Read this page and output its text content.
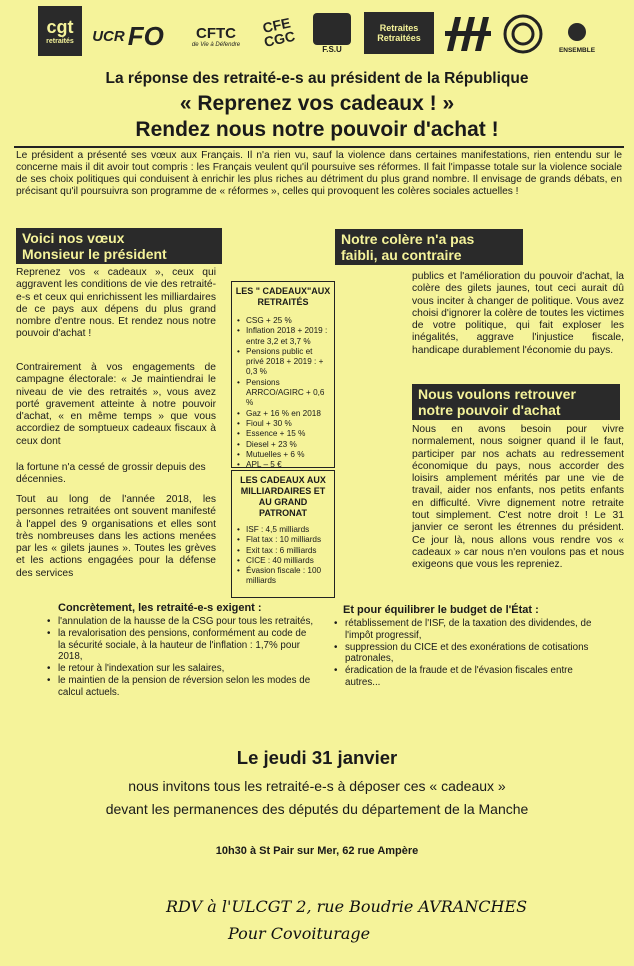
cgt
retraités UCR FO CFTC
de Vie à Défendre
CFE CGC	F.S.U
Retraites Retraitées
ENSEMBLE
La réponse des retraité-e-s au président de la République
« Reprenez vos cadeaux ! »
Rendez nous notre pouvoir d'achat !
Le président a présenté ses vœux aux Français. Il n'a rien vu, sauf la violence dans certaines manifestations, rien entendu sur le concerne mais il dit avoir tout compris : les Français veulent qu'il poursuive ses réformes. Il fait l'impasse totale sur la violence sociale de ses choix politiques qui conduisent à enrichir les plus riches au détriment du plus grand nombre. Il envisage de grands débats, en précisant qu'il poursuivra son programme de « réformes », celles qui provoquent les colères sociales actuelles !
Voici nos vœux
Monsieur le président
Reprenez vos « cadeaux », ceux qui aggravent les conditions de vie des retraité-e-s et ceux qui enrichissent les milliardaires de ce pays aux dépens du plus grand nombre d'entre nous. Et rendez nous notre pouvoir d'achat !
Contrairement à vos engagements de campagne électorale: « Je maintiendrai le niveau de vie des retraités », vous avez porté gravement atteinte à notre pouvoir d'achat, « en même temps » que vous accordiez de somptueux cadeaux fiscaux à ceux dont
la fortune n'a cessé de grossir depuis des décennies.
Tout au long de l'année 2018, les personnes retraitées ont souvent manifesté à l'appel des 9 organisations et elles sont très nombreuses dans les actions menées par les « gilets jaunes ». Toutes les grèves et les actions engagées pour la défense des services
LES " CADEAUX"AUX RETRAITÉS
• CSG + 25 %
• Inflation 2018 + 2019 : entre 3,2 et 3,7 %
• Pensions public et privé 2018 + 2019 : + 0,3 %
• Pensions ARRCO/AGIRC + 0,6 %
• Gaz + 16 % en 2018
• Fioul + 30 %
• Essence + 15 %
• Diesel + 23 %
• Mutuelles + 6 %
• APL – 5 €
LES CADEAUX AUX MILLIARDAIRES ET AU GRAND PATRONAT
• ISF : 4,5 milliards
• Flat tax : 10 milliards
• Exit tax : 6 milliards
• CICE : 40 milliards
• Évasion fiscale : 100 milliards
Notre colère n'a pas
faibli, au contraire
publics et l'amélioration du pouvoir d'achat, la colère des gilets jaunes, tout ceci aurait dû vous inciter à changer de politique. Vous avez choisi d'ignorer la colère de toutes les victimes de votre politique, qui fait exploser les inégalités, aggrave l'injustice fiscale, handicape durablement l'économie du pays.
Nous voulons retrouver
notre pouvoir d'achat
Nous en avons besoin pour vivre normalement, nous soigner quand il le faut, participer par nos achats au redressement économique du pays, nous accorder des loisirs amplement mérités par une vie de travail, aider nos enfants, nos petits enfants en difficulté. Vivre dignement notre retraite tout simplement. C'est notre droit ! Le 31 janvier ce seront les étrennes du président. Ce jour là, nous allons vous rendre vos « cadeaux » car nous n'en voulons pas et nous exigeons que vous les repreniez.
Concrètement, les retraité-e-s exigent :
• l'annulation de la hausse de la CSG pour tous les retraités,
• la revalorisation des pensions, conformément au code de la sécurité sociale, à la hauteur de l'inflation : 1,7% pour 2018,
• le retour à l'indexation sur les salaires,
• le maintien de la pension de réversion selon les modes de calcul actuels.
Et pour équilibrer le budget de l'État :
• rétablissement de l'ISF, de la taxation des dividendes, de l'impôt progressif,
• suppression du CICE et des exonérations de cotisations patronales,
• éradication de la fraude et de l'évasion fiscales entre autres...
Le jeudi 31 janvier
nous invitons tous les retraité-e-s à déposer ces « cadeaux »
devant les permanences des députés du département de la Manche
10h30 à St Pair sur Mer, 62 rue Ampère
RDV à l'ULCGT 2, rue Boudrie AVRANCHES
Pour Covoiturage
